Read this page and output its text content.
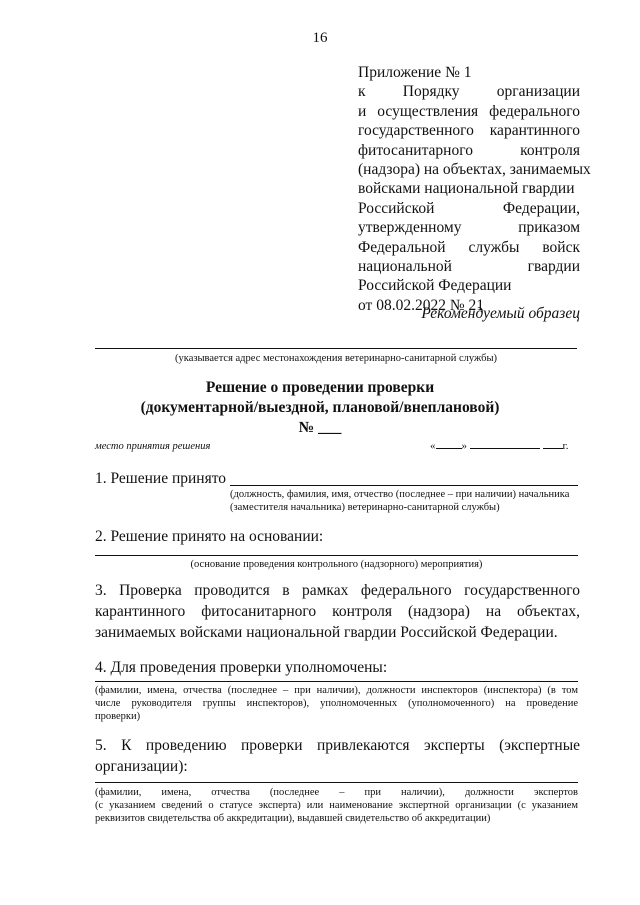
16
Приложение № 1
к Порядку организации
и осуществления федерального
государственного карантинного
фитосанитарного	контроля
(надзора) на объектах, занимаемых
войсками национальной гвардии
Российской	Федерации,
утвержденному	приказом
Федеральной службы войск
национальной	гвардии
Российской Федерации
от 08.02.2022 № 21
Рекомендуемый образец
(указывается адрес местонахождения ветеринарно-санитарной службы)
Решение о проведении проверки
(документарной/выездной, плановой/внеплановой)
№ ___
место принятия решения	« »	г.
1. Решение принято
(должность, фамилия, имя, отчество (последнее – при наличии) начальника
(заместителя начальника) ветеринарно-санитарной службы)
2. Решение принято на основании:
(основание проведения контрольного (надзорного) мероприятия)
3. Проверка проводится в рамках федерального государственного
карантинного фитосанитарного контроля (надзора) на объектах,
занимаемых войсками национальной гвардии Российской Федерации.
4. Для проведения проверки уполномочены:
(фамилии, имена, отчества (последнее – при наличии), должности инспекторов (инспектора) (в том
числе руководителя группы инспекторов), уполномоченных (уполномоченного) на проведение
проверки)
5. К проведению проверки привлекаются эксперты (экспертные
организации):
(фамилии, имена, отчества (последнее – при наличии), должности экспертов
(с указанием сведений о статусе эксперта) или наименование экспертной организации (с указанием
реквизитов свидетельства об аккредитации), выдавшей свидетельство об аккредитации)
